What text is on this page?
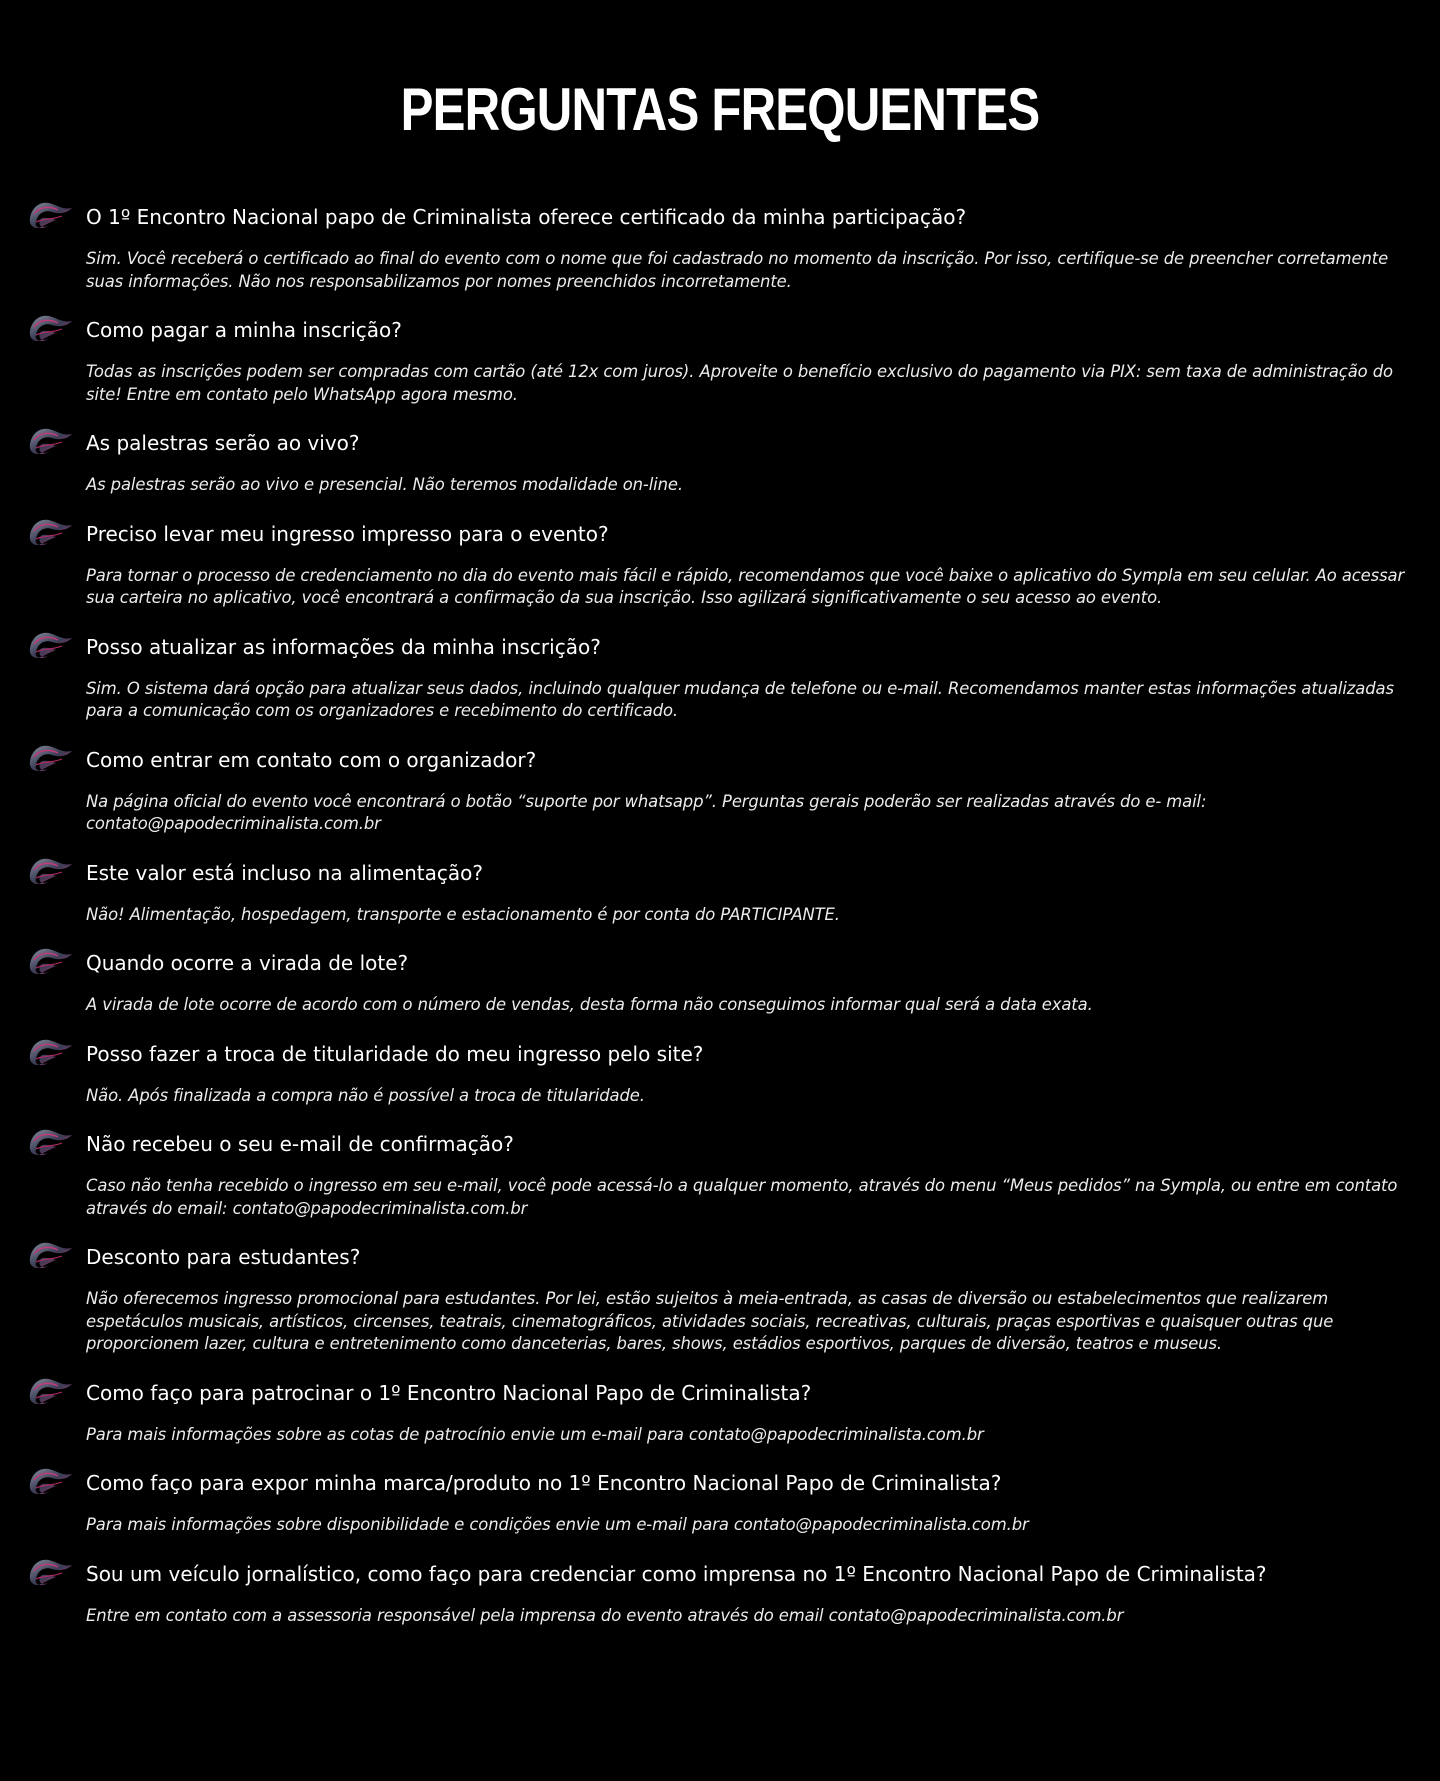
PERGUNTAS FREQUENTES

O 1º Encontro Nacional papo de Criminalista oferece certificado da minha participação?

Sim. Você receberá o certificado ao final do evento com o nome que foi cadastrado no momento da inscrição. Por isso, certifique-se de preencher corretamente suas informações. Não nos responsabilizamos por nomes preenchidos incorretamente.

Como pagar a minha inscrição?

Todas as inscrições podem ser compradas com cartão (até 12x com juros). Aproveite o benefício exclusivo do pagamento via PIX: sem taxa de administração do site! Entre em contato pelo WhatsApp agora mesmo.

As palestras serão ao vivo?

As palestras serão ao vivo e presencial. Não teremos modalidade on-line.

Preciso levar meu ingresso impresso para o evento?

Para tornar o processo de credenciamento no dia do evento mais fácil e rápido, recomendamos que você baixe o aplicativo do Sympla em seu celular. Ao acessar sua carteira no aplicativo, você encontrará a confirmação da sua inscrição. Isso agilizará significativamente o seu acesso ao evento.

Posso atualizar as informações da minha inscrição?

Sim. O sistema dará opção para atualizar seus dados, incluindo qualquer mudança de telefone ou e-mail. Recomendamos manter estas informações atualizadas para a comunicação com os organizadores e recebimento do certificado.

Como entrar em contato com o organizador?

Na página oficial do evento você encontrará o botão “suporte por whatsapp”. Perguntas gerais poderão ser realizadas através do e- mail: contato@papodecriminalista.com.br

Este valor está incluso na alimentação?

Não! Alimentação, hospedagem, transporte e estacionamento é por conta do PARTICIPANTE.

Quando ocorre a virada de lote?

A virada de lote ocorre de acordo com o número de vendas, desta forma não conseguimos informar qual será a data exata.

Posso fazer a troca de titularidade do meu ingresso pelo site?

Não. Após finalizada a compra não é possível a troca de titularidade.

Não recebeu o seu e-mail de confirmação?

Caso não tenha recebido o ingresso em seu e-mail, você pode acessá-lo a qualquer momento, através do menu “Meus pedidos” na Sympla, ou entre em contato através do email: contato@papodecriminalista.com.br

Desconto para estudantes?

Não oferecemos ingresso promocional para estudantes. Por lei, estão sujeitos à meia-entrada, as casas de diversão ou estabelecimentos que realizarem espetáculos musicais, artísticos, circenses, teatrais, cinematográficos, atividades sociais, recreativas, culturais, praças esportivas e quaisquer outras que proporcionem lazer, cultura e entretenimento como danceterias, bares, shows, estádios esportivos, parques de diversão, teatros e museus.

Como faço para patrocinar o 1º Encontro Nacional Papo de Criminalista?

Para mais informações sobre as cotas de patrocínio envie um e-mail para contato@papodecriminalista.com.br

Como faço para expor minha marca/produto no 1º Encontro Nacional Papo de Criminalista?

Para mais informações sobre disponibilidade e condições envie um e-mail para contato@papodecriminalista.com.br

Sou um veículo jornalístico, como faço para credenciar como imprensa no 1º Encontro Nacional Papo de Criminalista?

Entre em contato com a assessoria responsável pela imprensa do evento através do email contato@papodecriminalista.com.br
